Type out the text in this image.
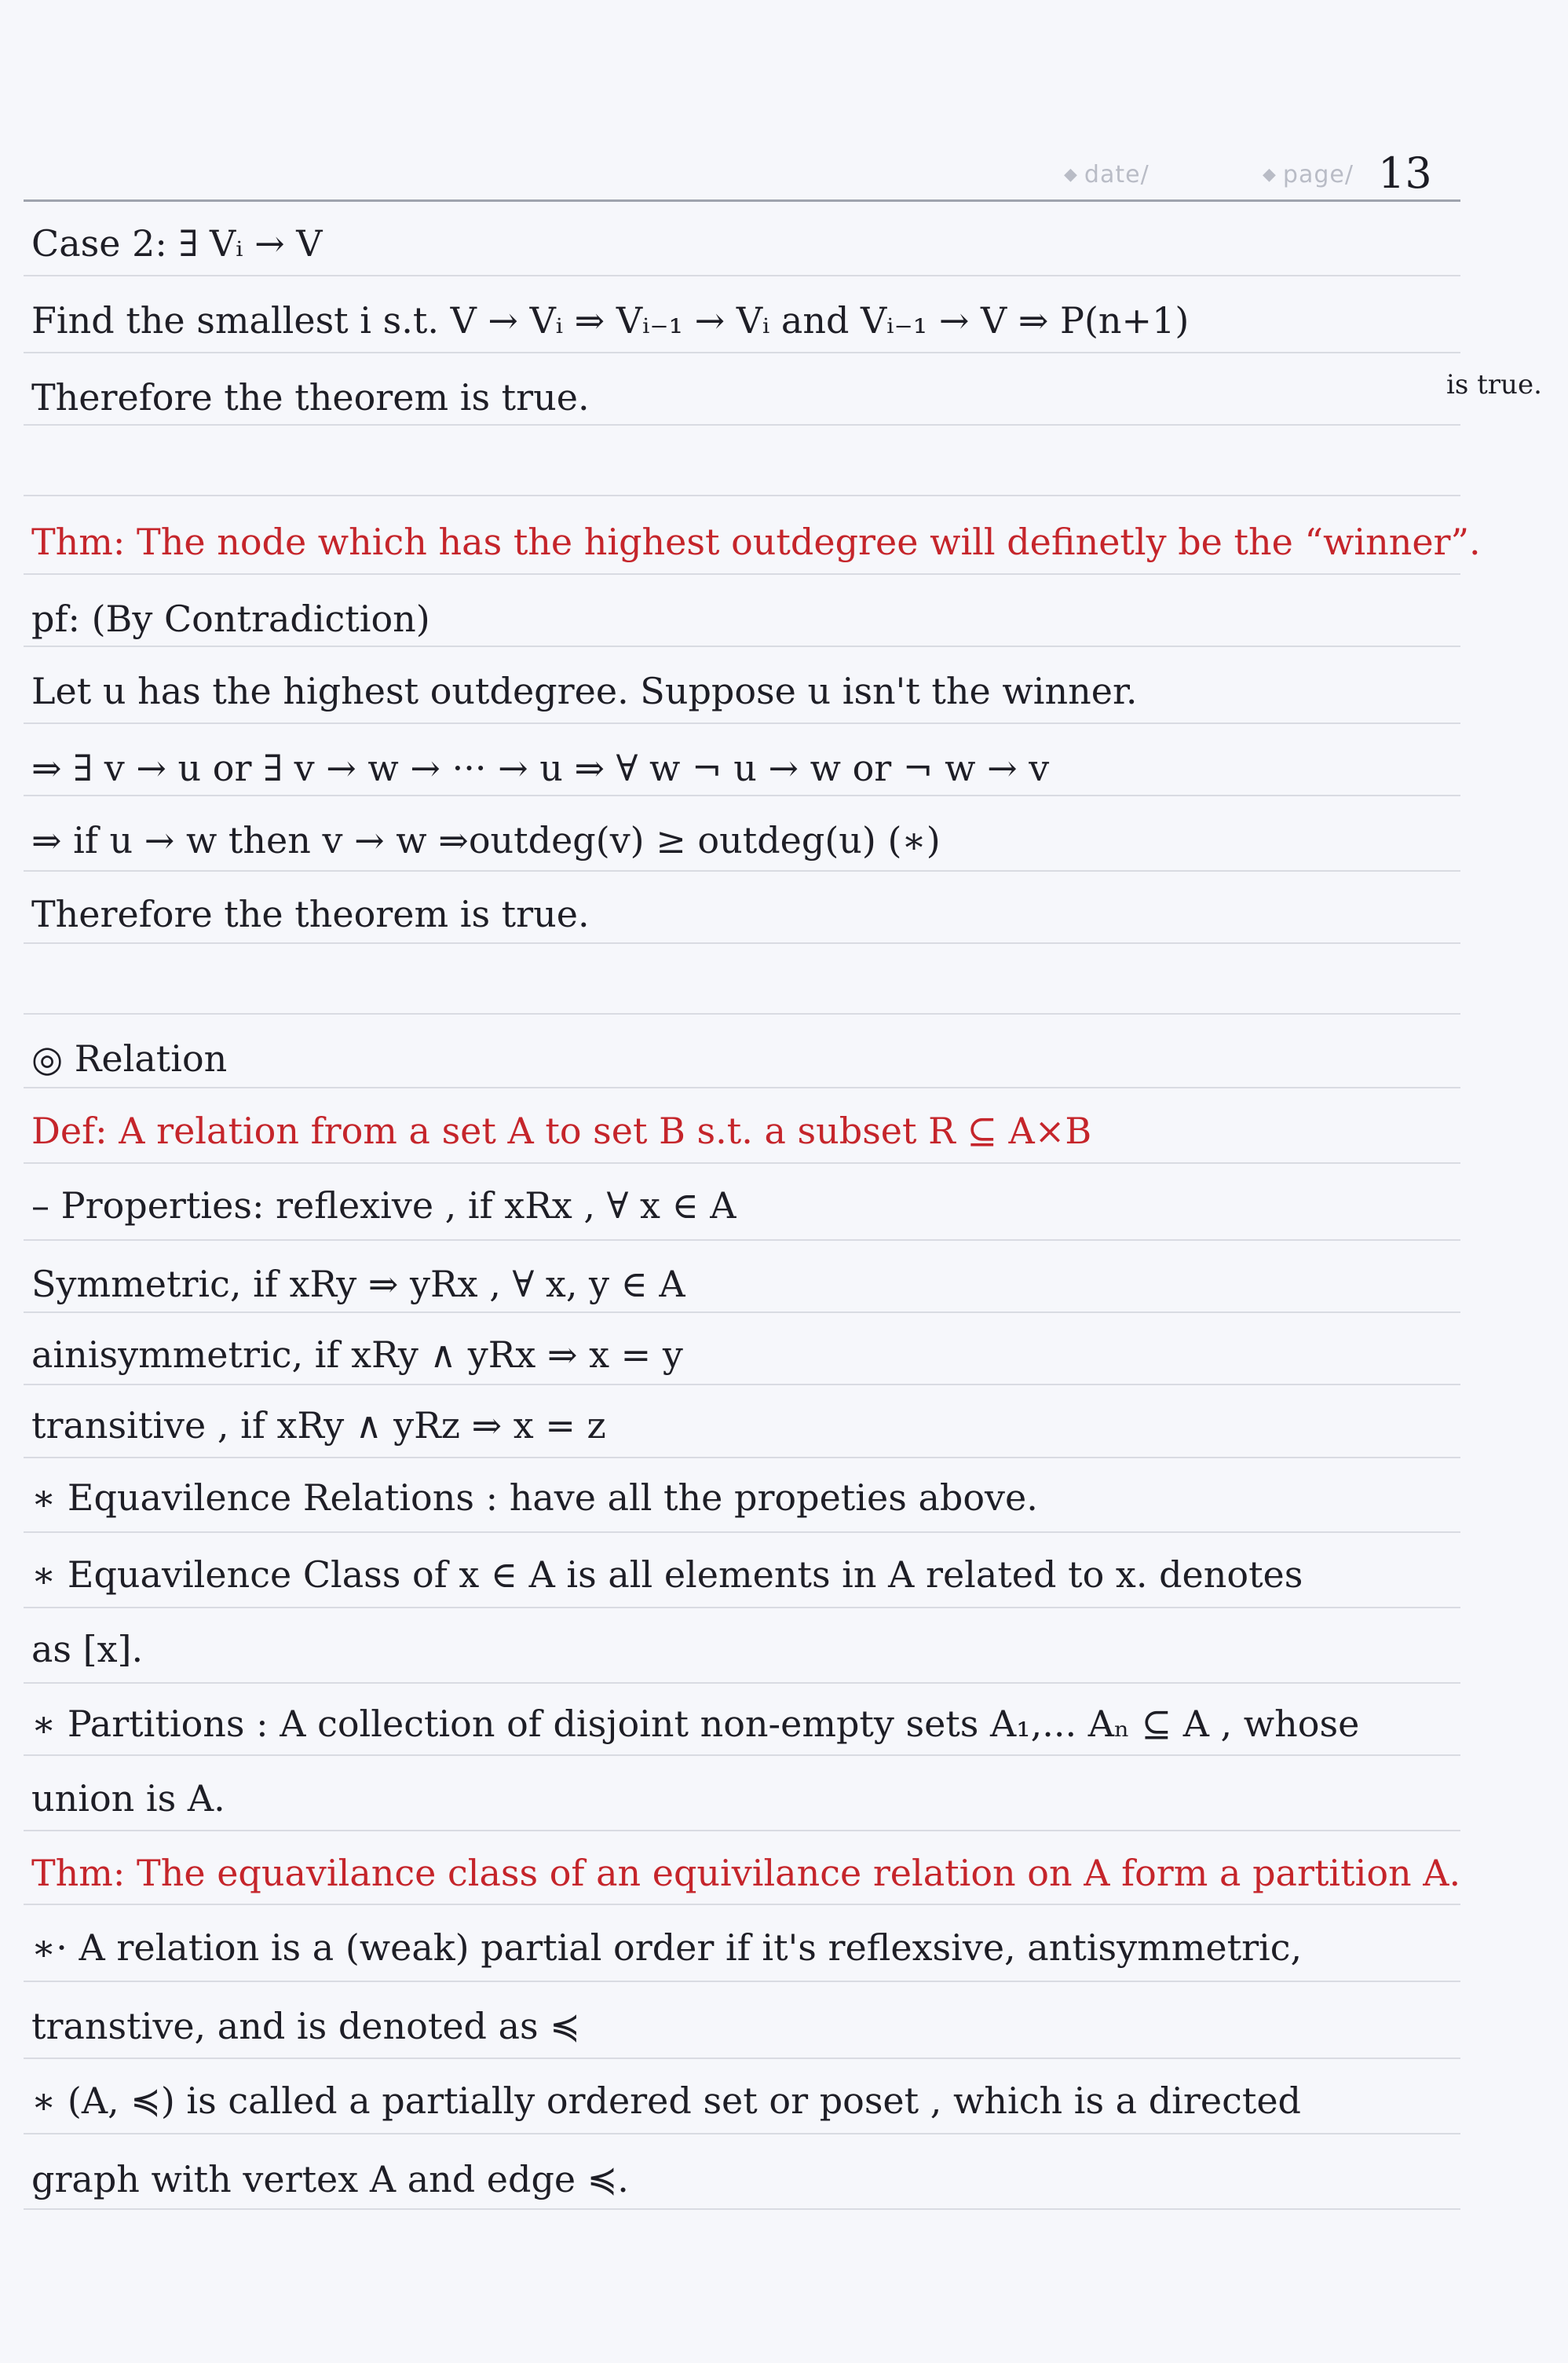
◆ date/	◆ page/ 13
Case 2: ∃ Vᵢ → V
Find the smallest i s.t. V → Vᵢ ⇒ Vᵢ₋₁ → Vᵢ and Vᵢ₋₁ → V ⇒ P(n+1)
Therefore the theorem is true.
Thm: The node which has the highest outdegree will definetly be the “winner”.
pf: (By Contradiction)
Let u has the highest outdegree. Suppose u isn't the winner.
⇒ ∃ v → u or ∃ v → w → ··· → u ⇒ ∀ w ¬ u → w or ¬ w → v
⇒ if u → w then v → w ⇒outdeg(v) ≥ outdeg(u) (∗)
Therefore the theorem is true.
◎ Relation
Def: A relation from a set A to set B s.t. a subset R ⊆ A×B
– Properties: reflexive , if xRx , ∀ x ∈ A
Symmetric, if xRy ⇒ yRx , ∀ x, y ∈ A
ainisymmetric, if xRy ∧ yRx ⇒ x = y
transitive , if xRy ∧ yRz ⇒ x = z
∗ Equavilence Relations : have all the propeties above.
∗ Equavilence Class of x ∈ A is all elements in A related to x. denotes
as [x].
∗ Partitions : A collection of disjoint non-empty sets A₁,... Aₙ ⊆ A , whose
union is A.
Thm: The equavilance class of an equivilance relation on A form a partition A.
∗· A relation is a (weak) partial order if it's reflexsive, antisymmetric,
transtive, and is denoted as ≼
∗ (A, ≼) is called a partially ordered set or poset , which is a directed
graph with vertex A and edge ≼.
is true.
